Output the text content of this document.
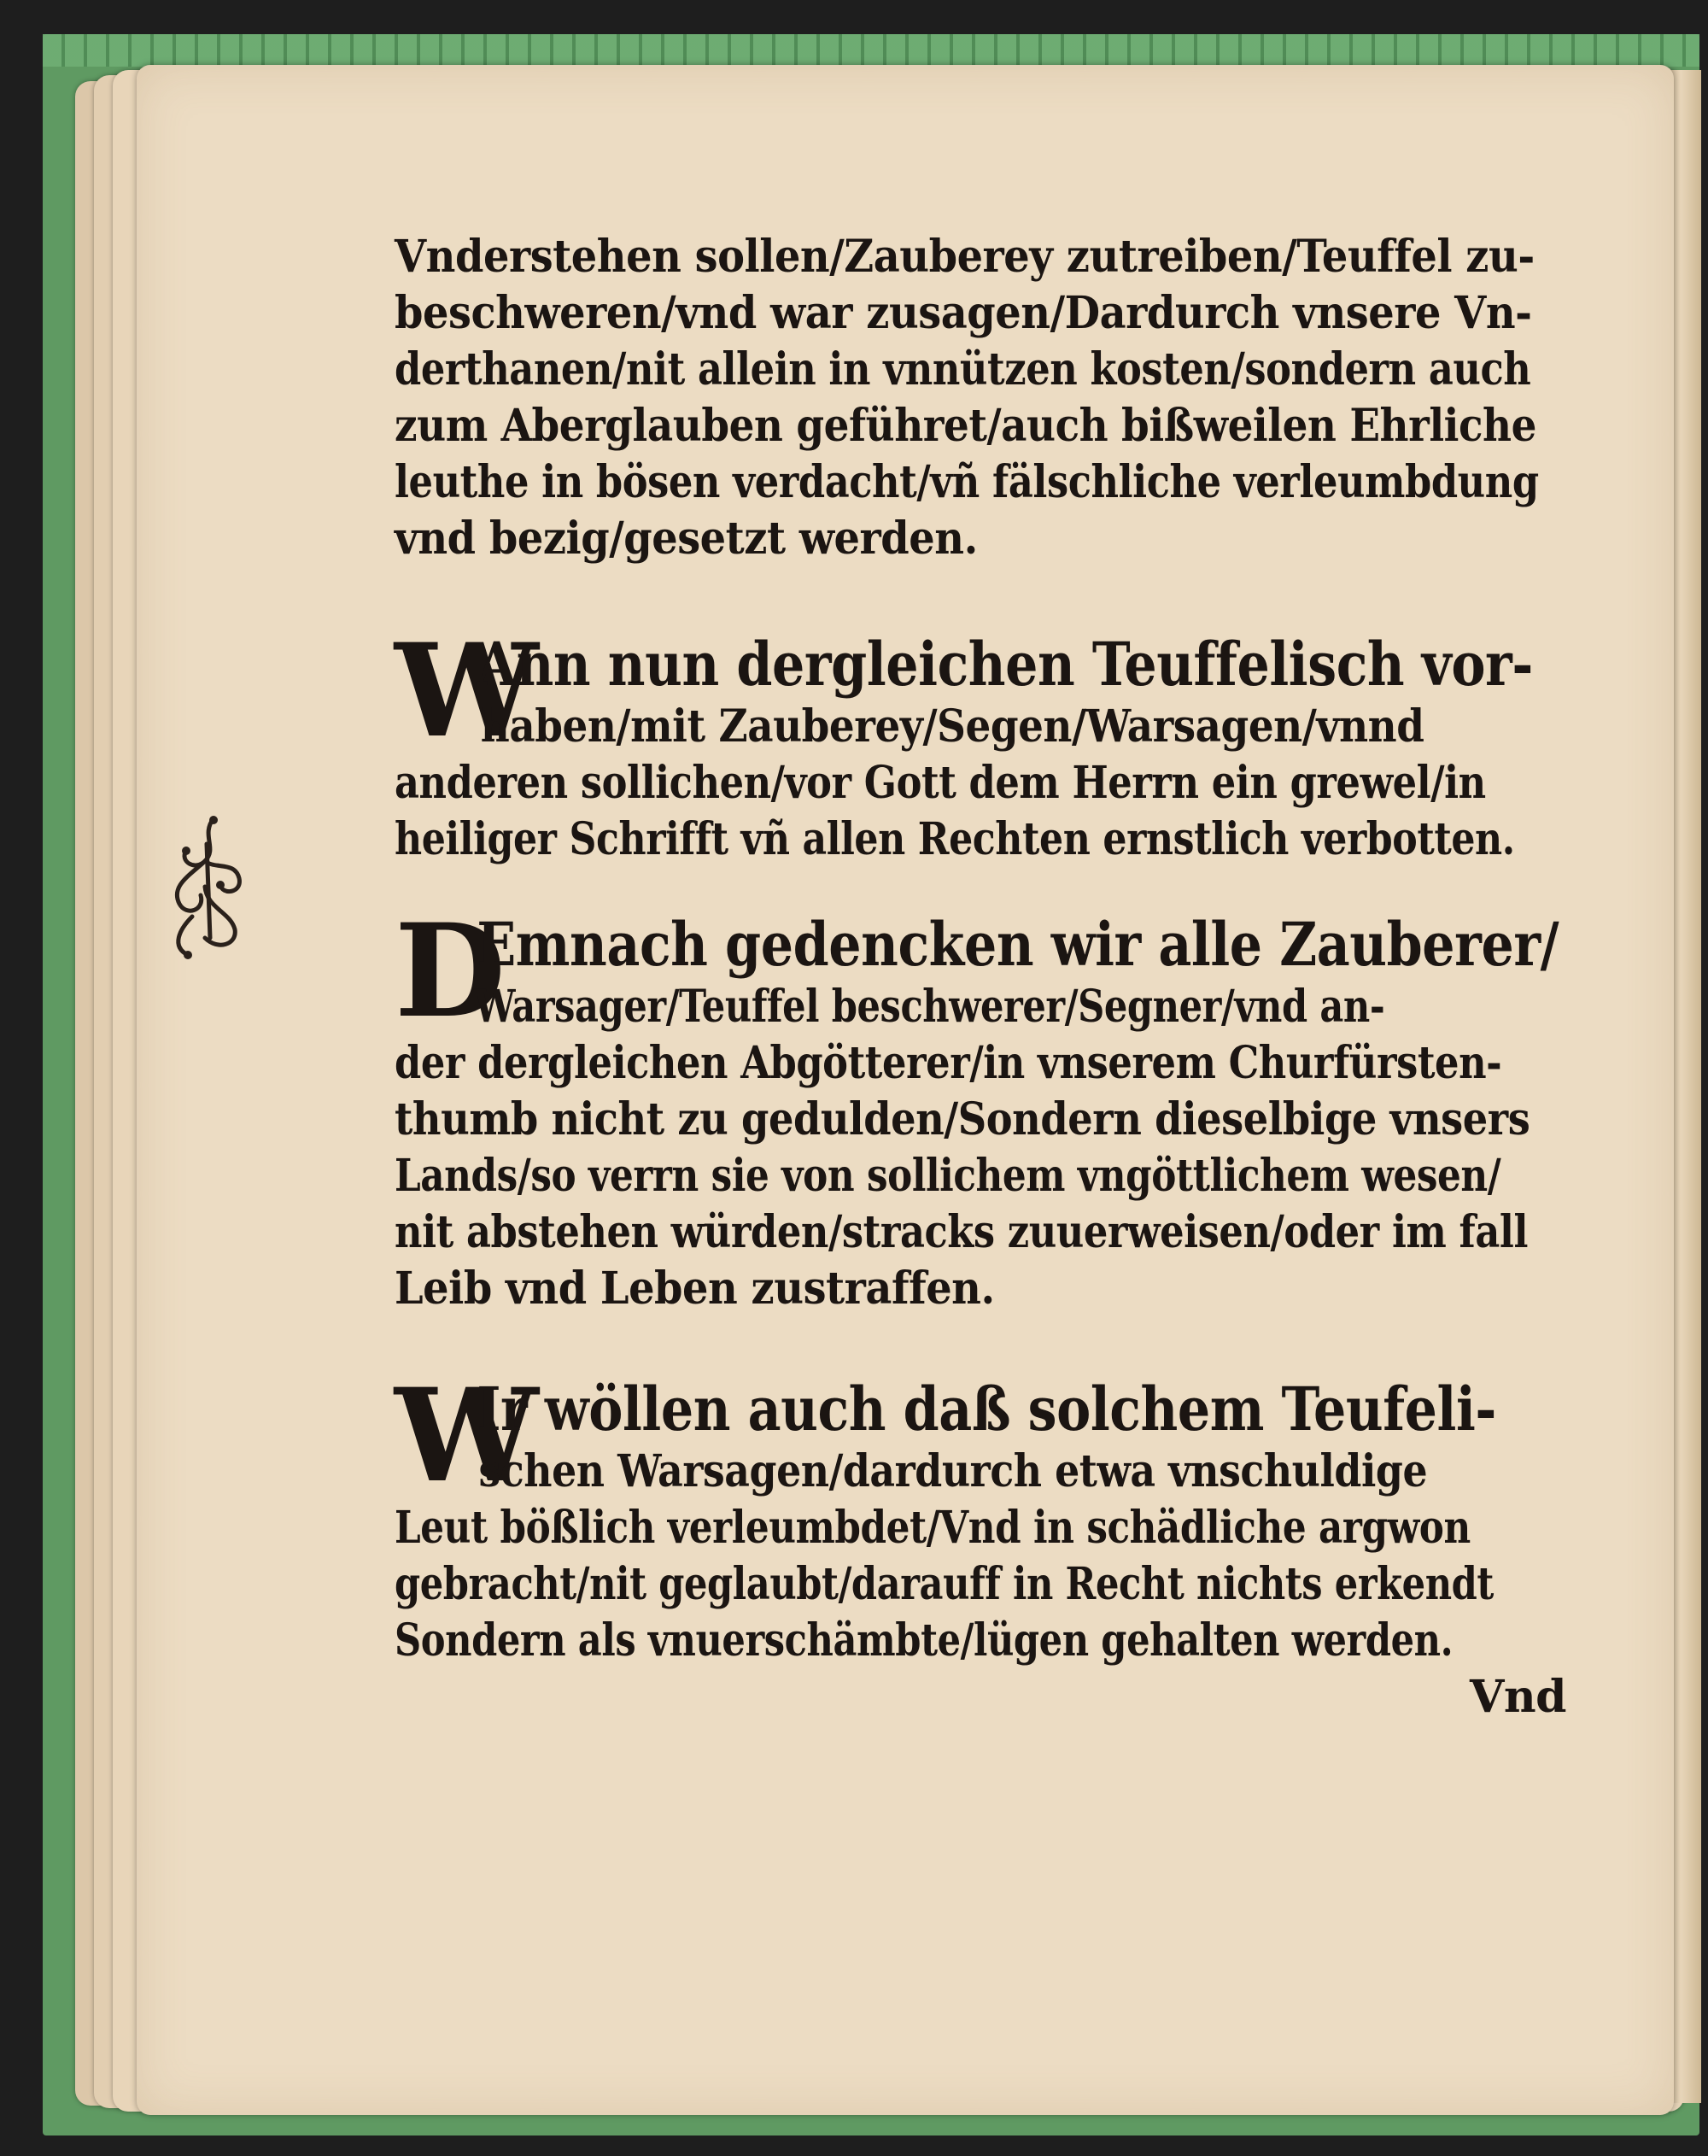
Vnderstehen sollen/Zauberey zutreiben/Teuffel zu-
beschweren/vnd war zusagen/Dardurch vnsere Vn-
derthanen/nit allein in vnnützen kosten/sondern auch
zum Aberglauben geführet/auch bißweilen Ehrliche
leuthe in bösen verdacht/vñ fälschliche verleumbdung
vnd bezig/gesetzt werden.
W
Ann nun dergleichen Teuffelisch vor-
haben/mit Zauberey/Segen/Warsagen/vnnd
anderen sollichen/vor Gott dem Herrn ein grewel/in
heiliger Schrifft vñ allen Rechten ernstlich verbotten.
D
Emnach gedencken wir alle Zauberer/
Warsager/Teuffel beschwerer/Segner/vnd an-
der dergleichen Abgötterer/in vnserem Churfürsten-
thumb nicht zu gedulden/Sondern dieselbige vnsers
Lands/so verrn sie von sollichem vngöttlichem wesen/
nit abstehen würden/stracks zuuerweisen/oder im fall
Leib vnd Leben zustraffen.
W
Ir wöllen auch daß solchem Teufeli-
schen Warsagen/dardurch etwa vnschuldige
Leut bößlich verleumbdet/Vnd in schädliche argwon
gebracht/nit geglaubt/darauff in Recht nichts erkendt
Sondern als vnuerschämbte/lügen gehalten werden.
Vnd
